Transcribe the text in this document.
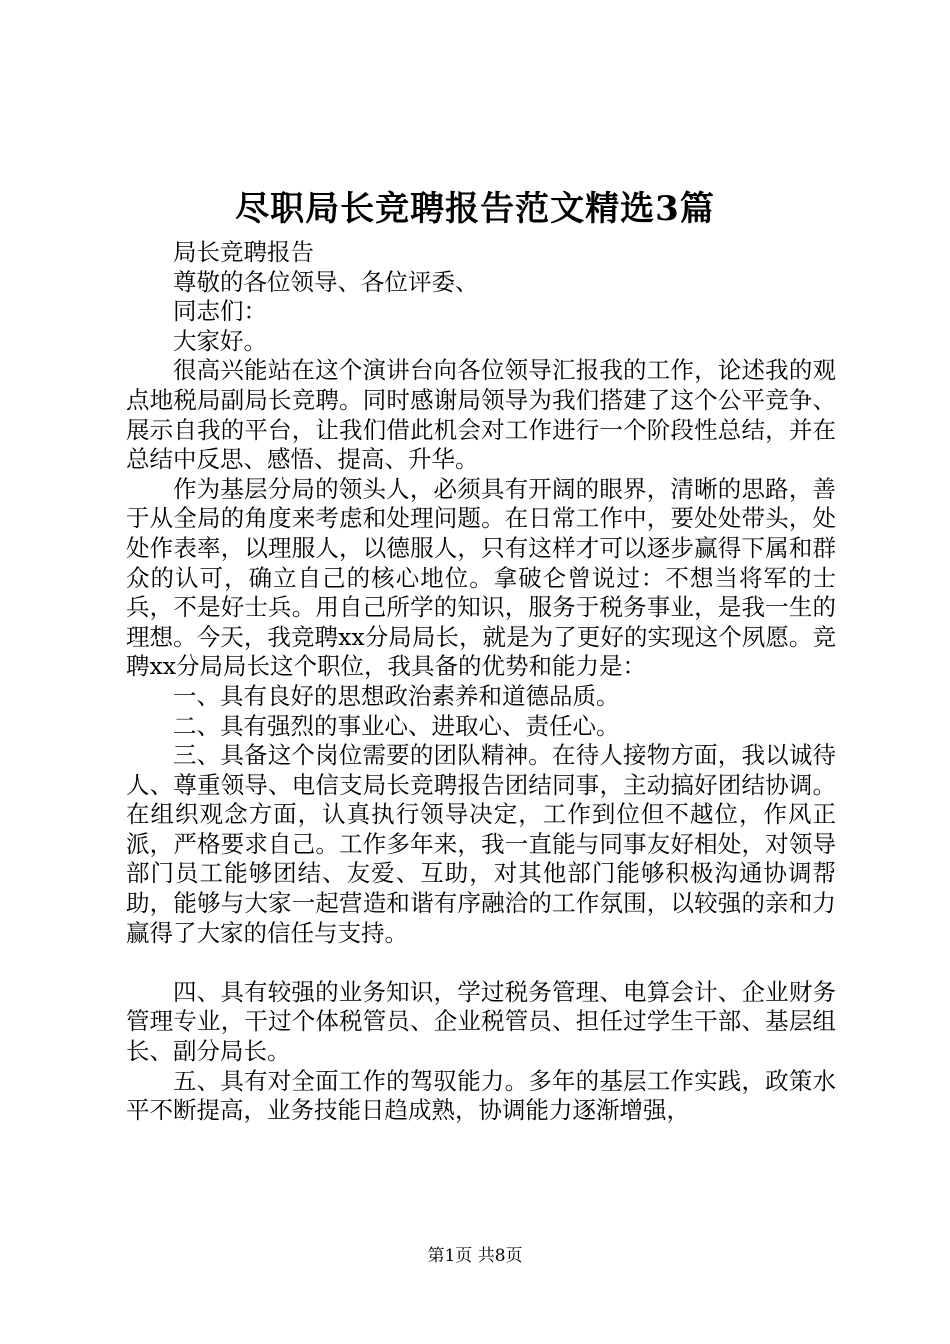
尽职局长竞聘报告范文精选3篇

局长竞聘报告

尊敬的各位领导、各位评委、

同志们：

大家好。

很高兴能站在这个演讲台向各位领导汇报我的工作，论述我的观点地税局副局长竞聘。同时感谢局领导为我们搭建了这个公平竞争、展示自我的平台，让我们借此机会对工作进行一个阶段性总结，并在总结中反思、感悟、提高、升华。

作为基层分局的领头人，必须具有开阔的眼界，清晰的思路，善于从全局的角度来考虑和处理问题。在日常工作中，要处处带头，处处作表率，以理服人，以德服人，只有这样才可以逐步赢得下属和群众的认可，确立自己的核心地位。拿破仑曾说过：不想当将军的士兵，不是好士兵。用自己所学的知识，服务于税务事业，是我一生的理想。今天，我竞聘xx分局局长，就是为了更好的实现这个夙愿。竞聘xx分局局长这个职位，我具备的优势和能力是：

一、具有良好的思想政治素养和道德品质。

二、具有强烈的事业心、进取心、责任心。

三、具备这个岗位需要的团队精神。在待人接物方面，我以诚待人、尊重领导、电信支局长竞聘报告团结同事，主动搞好团结协调。在组织观念方面，认真执行领导决定，工作到位但不越位，作风正派，严格要求自己。工作多年来，我一直能与同事友好相处，对领导部门员工能够团结、友爱、互助，对其他部门能够积极沟通协调帮助，能够与大家一起营造和谐有序融洽的工作氛围，以较强的亲和力赢得了大家的信任与支持。

四、具有较强的业务知识，学过税务管理、电算会计、企业财务管理专业，干过个体税管员、企业税管员、担任过学生干部、基层组长、副分局长。

五、具有对全面工作的驾驭能力。多年的基层工作实践，政策水平不断提高，业务技能日趋成熟，协调能力逐渐增强，

第1页 共8页
